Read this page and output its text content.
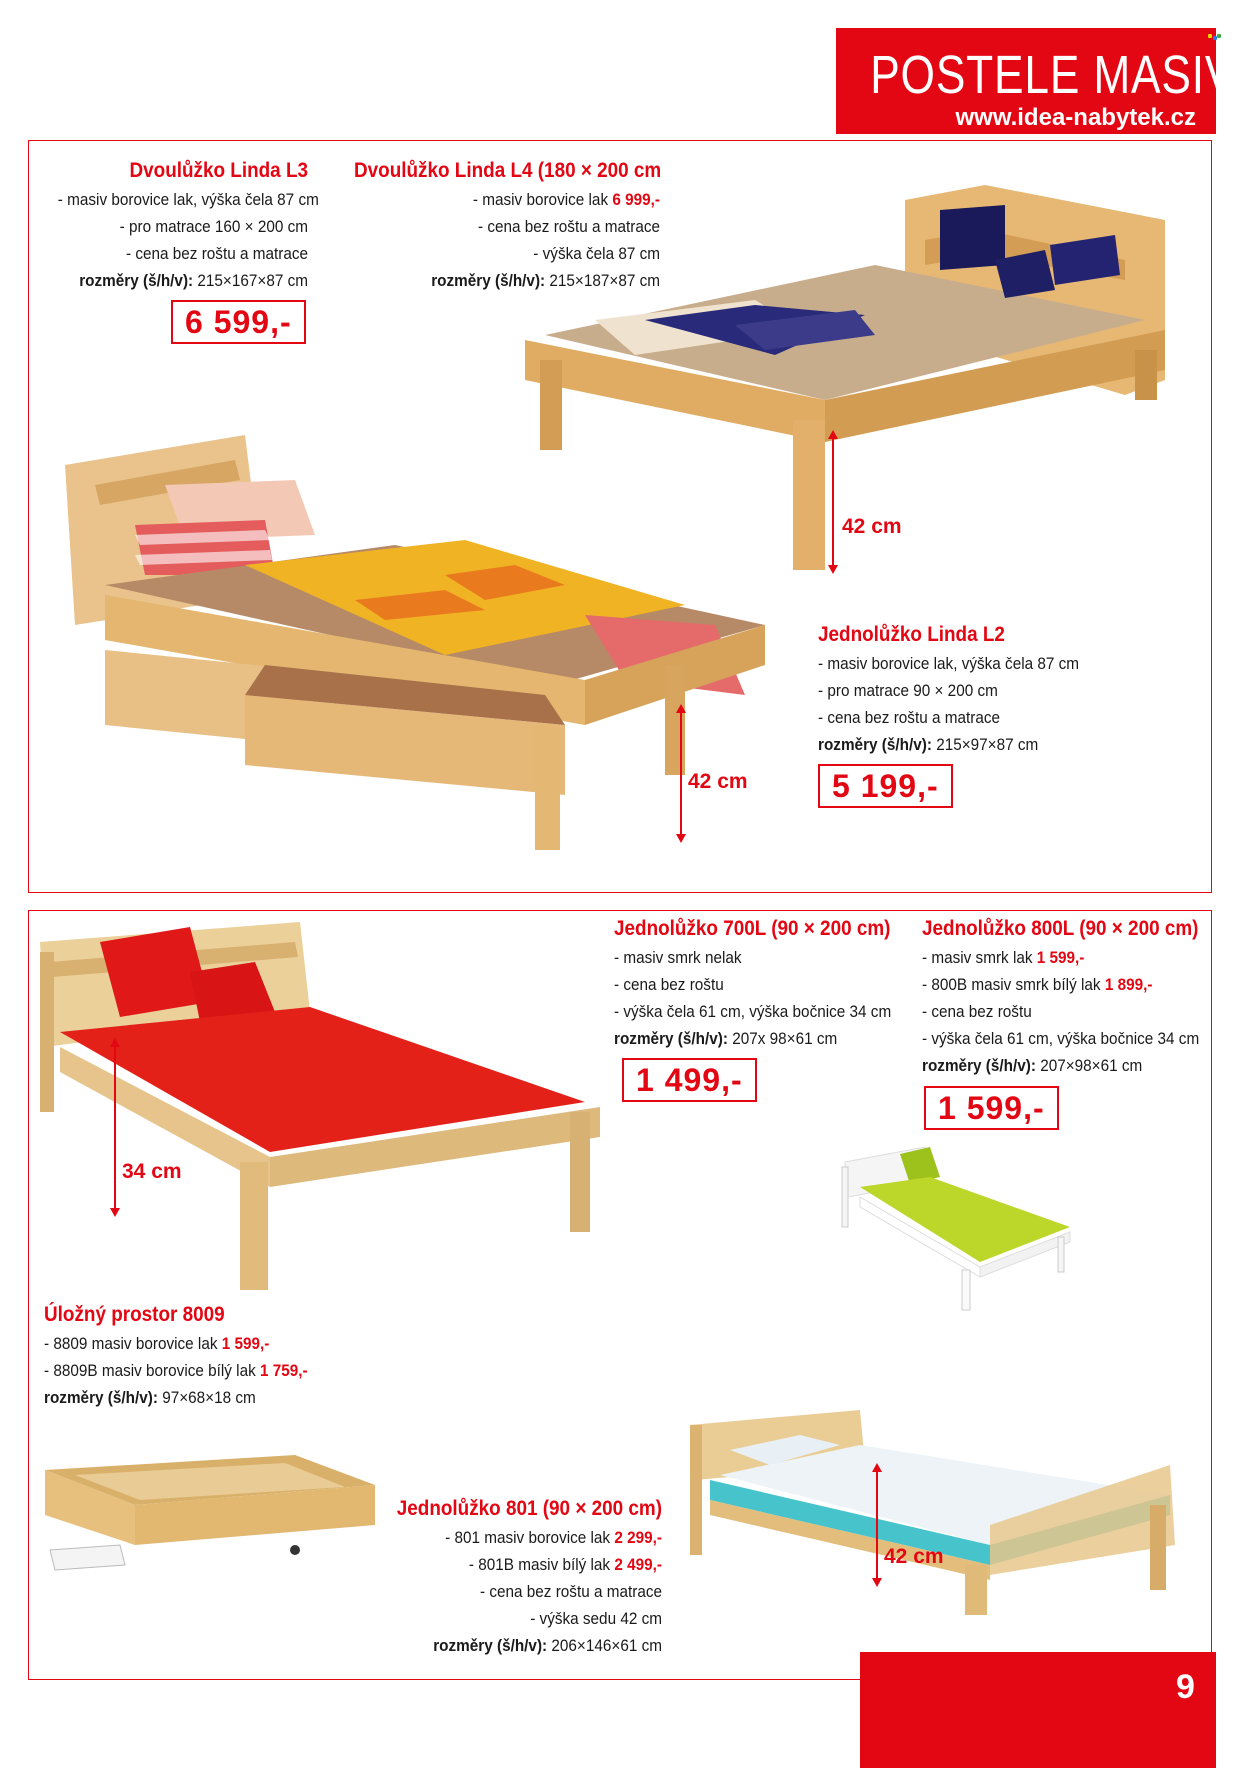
POSTELE MASIV
www.idea-nabytek.cz
Dvoulůžko Linda L3
- masiv borovice lak, výška čela 87 cm
- pro matrace 160 × 200 cm
- cena bez roštu a matrace
rozměry (š/h/v): 215×167×87 cm
6 599,-
Dvoulůžko Linda L4 (180 × 200 cm
- masiv borovice lak 6 999,-
- cena bez roštu a matrace
- výška čela 87 cm
rozměry (š/h/v): 215×187×87 cm
42 cm
42 cm
Jednolůžko Linda L2
- masiv borovice lak, výška čela 87 cm
- pro matrace 90 × 200 cm
- cena bez roštu a matrace
rozměry (š/h/v): 215×97×87 cm
5 199,-
34 cm
Jednolůžko 700L (90 × 200 cm)
- masiv smrk nelak
- cena bez roštu
- výška čela 61 cm, výška bočnice 34 cm
rozměry (š/h/v): 207x 98×61 cm
1 499,-
Jednolůžko 800L (90 × 200 cm)
- masiv smrk lak 1 599,-
- 800B masiv smrk bílý lak 1 899,-
- cena bez roštu
- výška čela 61 cm, výška bočnice 34 cm
rozměry (š/h/v): 207×98×61 cm
1 599,-
Úložný prostor 8009
- 8809 masiv borovice lak 1 599,-
- 8809B masiv borovice bílý lak 1 759,-
rozměry (š/h/v): 97×68×18 cm
42 cm
Jednolůžko 801 (90 × 200 cm)
- 801 masiv borovice lak 2 299,-
- 801B masiv bílý lak 2 499,-
- cena bez roštu a matrace
- výška sedu 42 cm
rozměry (š/h/v): 206×146×61 cm
9
